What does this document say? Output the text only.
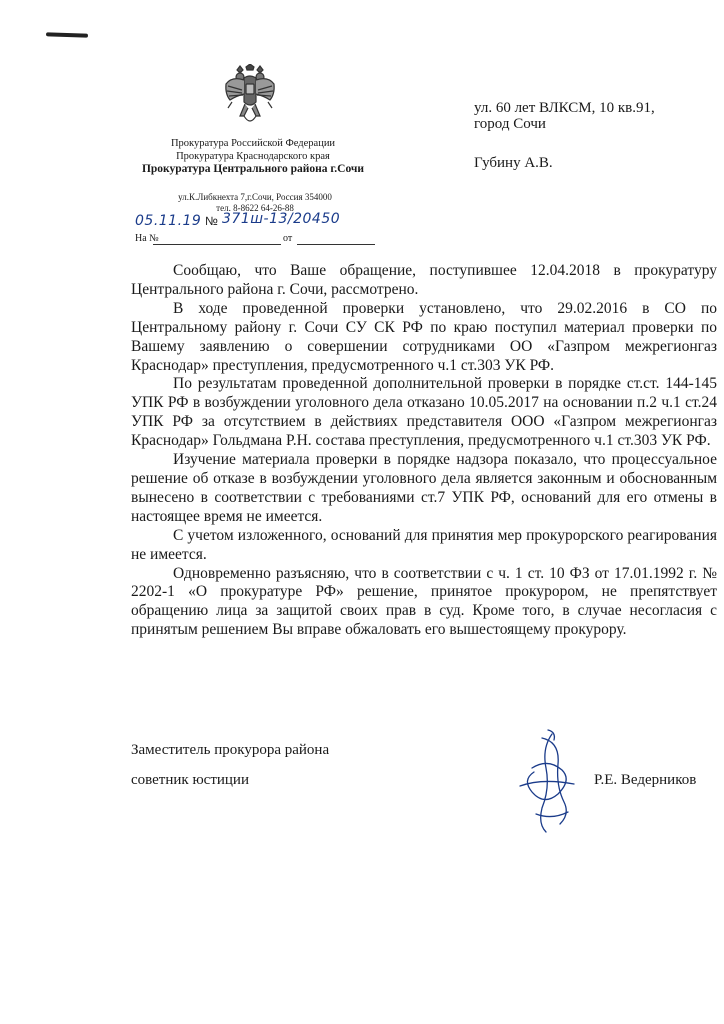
Прокуратура Российской Федерации
Прокуратура Краснодарского края
Прокуратура Центрального района г.Сочи
ул.К.Либкнехта 7,г.Сочи, Россия 354000
тел. 8-8622 64-26-88
05.11.19 № 371ш-13/20450
На №	от
ул. 60 лет ВЛКСМ, 10 кв.91,
город Сочи
Губину А.В.

Сообщаю, что Ваше обращение, поступившее 12.04.2018 в прокуратуру Центрального района г. Сочи, рассмотрено.

В ходе проведенной проверки установлено, что 29.02.2016 в СО по Центральному району г. Сочи СУ СК РФ по краю поступил материал проверки по Вашему заявлению о совершении сотрудниками ОО «Газпром межрегионгаз Краснодар» преступления, предусмотренного ч.1 ст.303 УК РФ.

По результатам проведенной дополнительной проверки в порядке ст.ст. 144-145 УПК РФ в возбуждении уголовного дела отказано 10.05.2017 на основании п.2 ч.1 ст.24 УПК РФ за отсутствием в действиях представителя ООО «Газпром межрегионгаз Краснодар» Гольдмана Р.Н. состава преступления, предусмотренного ч.1 ст.303 УК РФ.

Изучение материала проверки в порядке надзора показало, что процессуальное решение об отказе в возбуждении уголовного дела является законным и обоснованным вынесено в соответствии с требованиями ст.7 УПК РФ, оснований для его отмены в настоящее время не имеется.

С учетом изложенного, оснований для принятия мер прокурорского реагирования не имеется.

Одновременно разъясняю, что в соответствии с ч. 1 ст. 10 ФЗ от 17.01.1992 г. № 2202-1 «О прокуратуре РФ» решение, принятое прокурором, не препятствует обращению лица за защитой своих прав в суд. Кроме того, в случае несогласия с принятым решением Вы вправе обжаловать его вышестоящему прокурору.

Заместитель прокурора района
советник юстиции	Р.Е. Ведерников
